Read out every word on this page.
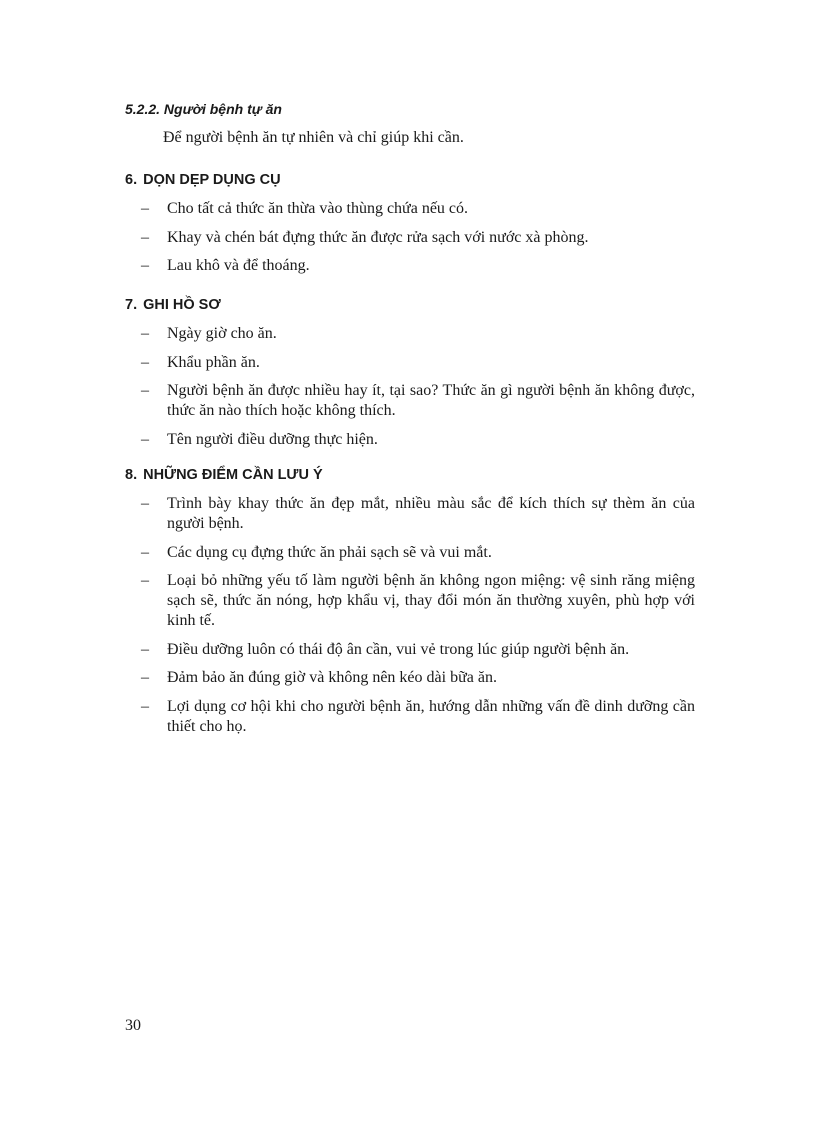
5.2.2. Người bệnh tự ăn

Để người bệnh ăn tự nhiên và chỉ giúp khi cần.

6. DỌN DẸP DỤNG CỤ
– Cho tất cả thức ăn thừa vào thùng chứa nếu có.
– Khay và chén bát đựng thức ăn được rửa sạch với nước xà phòng.
– Lau khô và để thoáng.
7. GHI HỒ SƠ
– Ngày giờ cho ăn.
– Khẩu phần ăn.
– Người bệnh ăn được nhiều hay ít, tại sao? Thức ăn gì người bệnh ăn không được, thức ăn nào thích hoặc không thích.
– Tên người điều dưỡng thực hiện.
8. NHỮNG ĐIỂM CẦN LƯU Ý
– Trình bày khay thức ăn đẹp mắt, nhiều màu sắc để kích thích sự thèm ăn của người bệnh.
– Các dụng cụ đựng thức ăn phải sạch sẽ và vui mắt.
– Loại bỏ những yếu tố làm người bệnh ăn không ngon miệng: vệ sinh răng miệng sạch sẽ, thức ăn nóng, hợp khẩu vị, thay đổi món ăn thường xuyên, phù hợp với kinh tế.
– Điều dưỡng luôn có thái độ ân cần, vui vẻ trong lúc giúp người bệnh ăn.
– Đảm bảo ăn đúng giờ và không nên kéo dài bữa ăn.
– Lợi dụng cơ hội khi cho người bệnh ăn, hướng dẫn những vấn đề dinh dưỡng cần thiết cho họ.

30
